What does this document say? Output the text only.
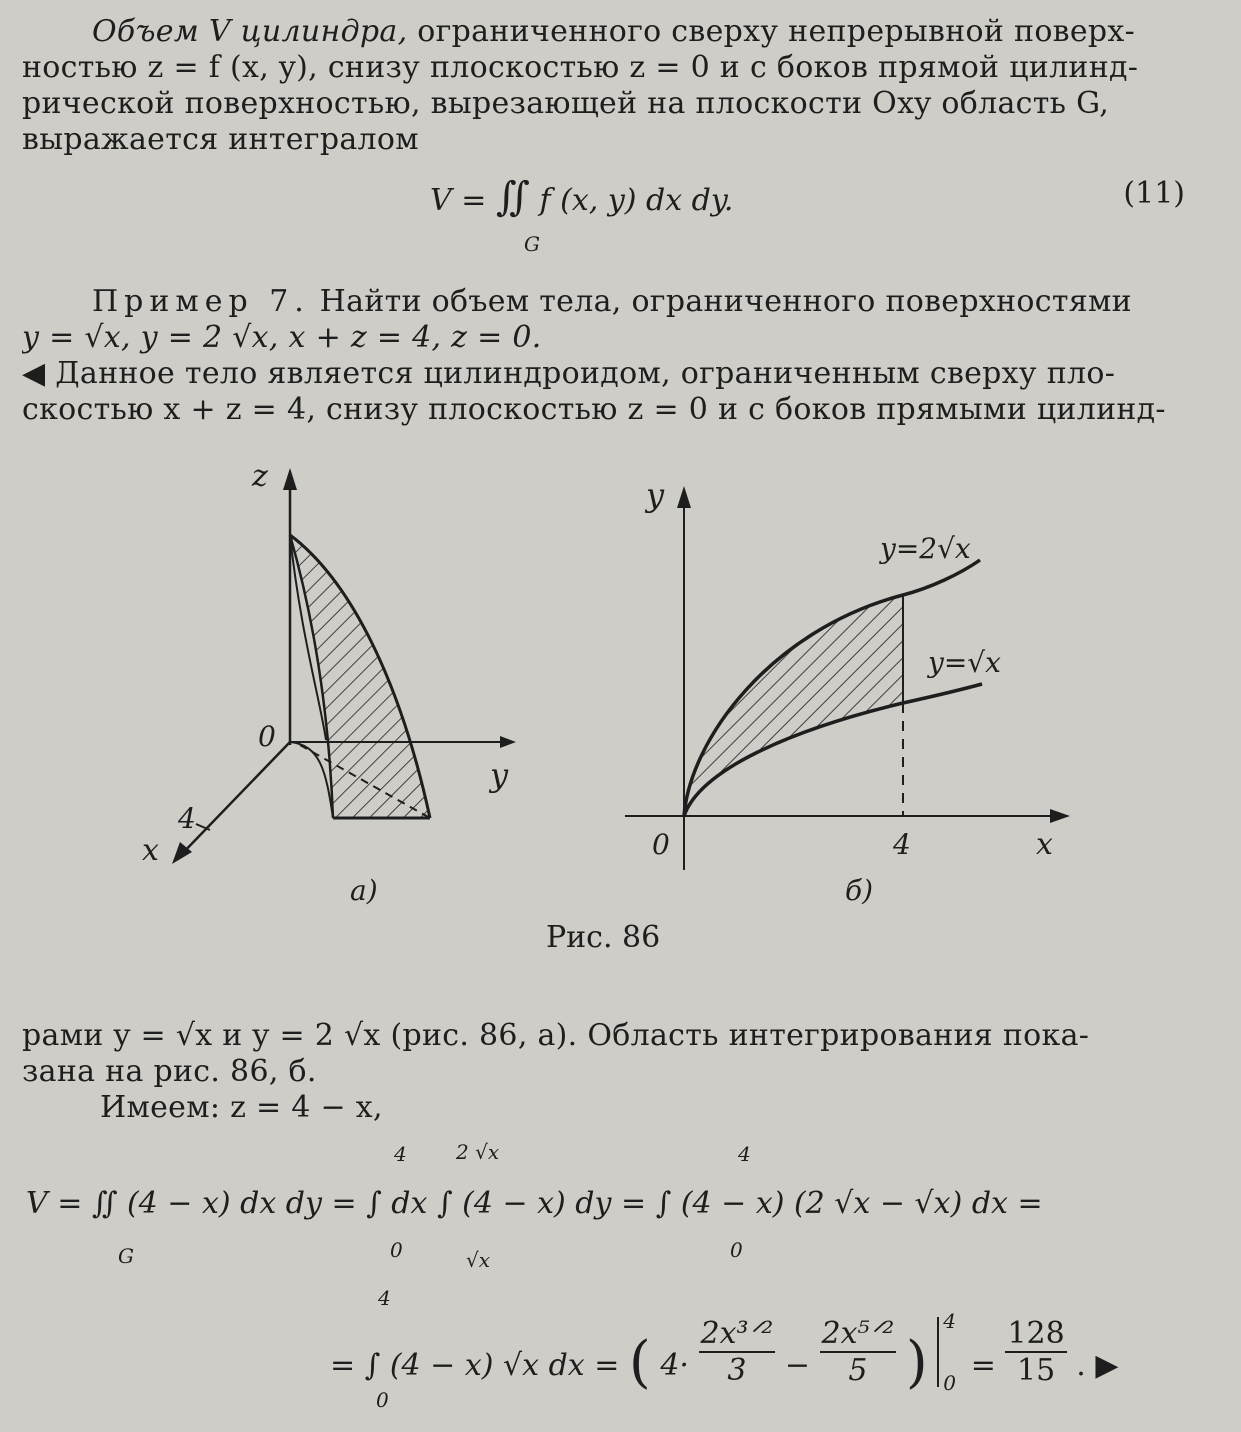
Объем V цилиндра, ограниченного сверху непрерывной поверх-
ностью z = f (x, y), снизу плоскостью z = 0 и с боков прямой цилинд-
рической поверхностью, вырезающей на плоскости Oxy область G,
выражается интегралом
V = ∬ f (x, y) dx dy.
G
(11)
Пример 7. Найти объем тела, ограниченного поверхностями
y = √x, y = 2 √x, x + z = 4, z = 0.
◀ Данное тело является цилиндроидом, ограниченным сверху пло-
скостью x + z = 4, снизу плоскостью z = 0 и с боков прямыми цилинд-
z
y
x
0
4
а)
y
x
0	4
y=2√x
y=√x
б)
Рис. 86
рами y = √x и y = 2 √x (рис. 86, а). Область интегрирования пока-
зана на рис. 86, б.
Имеем: z = 4 − x,
V = ∬ (4 − x) dx dy = ∫ dx ∫ (4 − x) dy = ∫ (4 − x) (2 √x − √x) dx =
G
4
0
2 √x
√x
4
0
= ∫ (4 − x) √x dx = ( 4·
2x³ᐟ²
3	−
2x⁵ᐟ²
5 )
4
$0 = \frac{128}{15}$ . ▶
4
0
